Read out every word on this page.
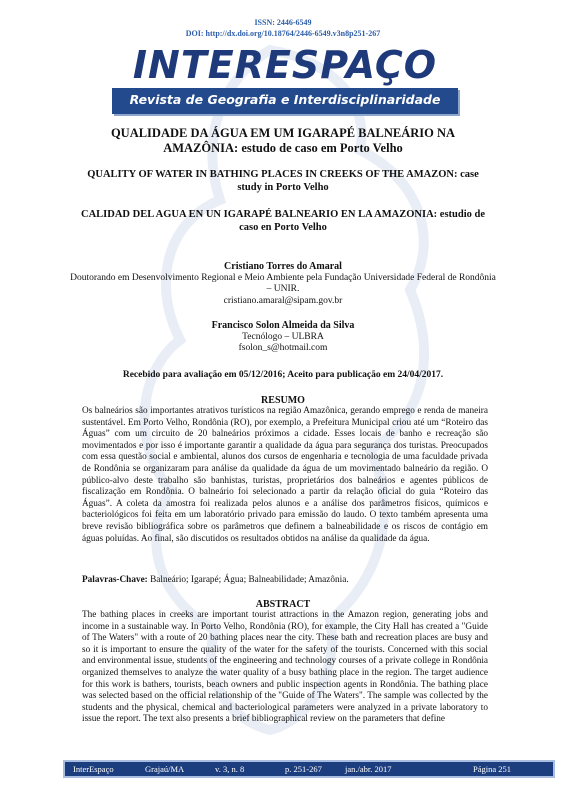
ISSN: 2446-6549
DOI: http://dx.doi.org/10.18764/2446-6549.v3n8p251-267
INTERESPAÇO
Revista de Geografia e Interdisciplinaridade
QUALIDADE DA ÁGUA EM UM IGARAPÉ BALNEÁRIO NA AMAZÔNIA: estudo de caso em Porto Velho
QUALITY OF WATER IN BATHING PLACES IN CREEKS OF THE AMAZON: case study in Porto Velho
CALIDAD DEL AGUA EN UN IGARAPÉ BALNEARIO EN LA AMAZONIA: estudio de caso en Porto Velho
Cristiano Torres do Amaral
Doutorando em Desenvolvimento Regional e Meio Ambiente pela Fundação Universidade Federal de Rondônia – UNIR.
cristiano.amaral@sipam.gov.br
Francisco Solon Almeida da Silva
Tecnólogo – ULBRA
fsolon_s@hotmail.com
Recebido para avaliação em 05/12/2016; Aceito para publicação em 24/04/2017.
RESUMO
Os balneários são importantes atrativos turísticos na região Amazônica, gerando emprego e renda de maneira sustentável. Em Porto Velho, Rondônia (RO), por exemplo, a Prefeitura Municipal criou até um “Roteiro das Águas” com um circuito de 20 balneários próximos a cidade. Esses locais de banho e recreação são movimentados e por isso é importante garantir a qualidade da água para segurança dos turistas. Preocupados com essa questão social e ambiental, alunos dos cursos de engenharia e tecnologia de uma faculdade privada de Rondônia se organizaram para análise da qualidade da água de um movimentado balneário da região. O público-alvo deste trabalho são banhistas, turistas, proprietários dos balneários e agentes públicos de fiscalização em Rondônia. O balneário foi selecionado a partir da relação oficial do guia “Roteiro das Águas”. A coleta da amostra foi realizada pelos alunos e a análise dos parâmetros físicos, químicos e bacteriológicos foi feita em um laboratório privado para emissão do laudo. O texto também apresenta uma breve revisão bibliográfica sobre os parâmetros que definem a balneabilidade e os riscos de contágio em águas poluídas. Ao final, são discutidos os resultados obtidos na análise da qualidade da água.
Palavras-Chave: Balneário; Igarapé; Água; Balneabilidade; Amazônia.
ABSTRACT
The bathing places in creeks are important tourist attractions in the Amazon region, generating jobs and income in a sustainable way. In Porto Velho, Rondônia (RO), for example, the City Hall has created a "Guide of The Waters" with a route of 20 bathing places near the city. These bath and recreation places are busy and so it is important to ensure the quality of the water for the safety of the tourists. Concerned with this social and environmental issue, students of the engineering and technology courses of a private college in Rondônia organized themselves to analyze the water quality of a busy bathing place in the region. The target audience for this work is bathers, tourists, beach owners and public inspection agents in Rondônia. The bathing place was selected based on the official relationship of the "Guide of The Waters". The sample was collected by the students and the physical, chemical and bacteriological parameters were analyzed in a private laboratory to issue the report. The text also presents a brief bibliographical review on the parameters that define
InterEspaço	Grajaú/MA	v. 3, n. 8	p. 251-267	jan./abr. 2017	Página 251
